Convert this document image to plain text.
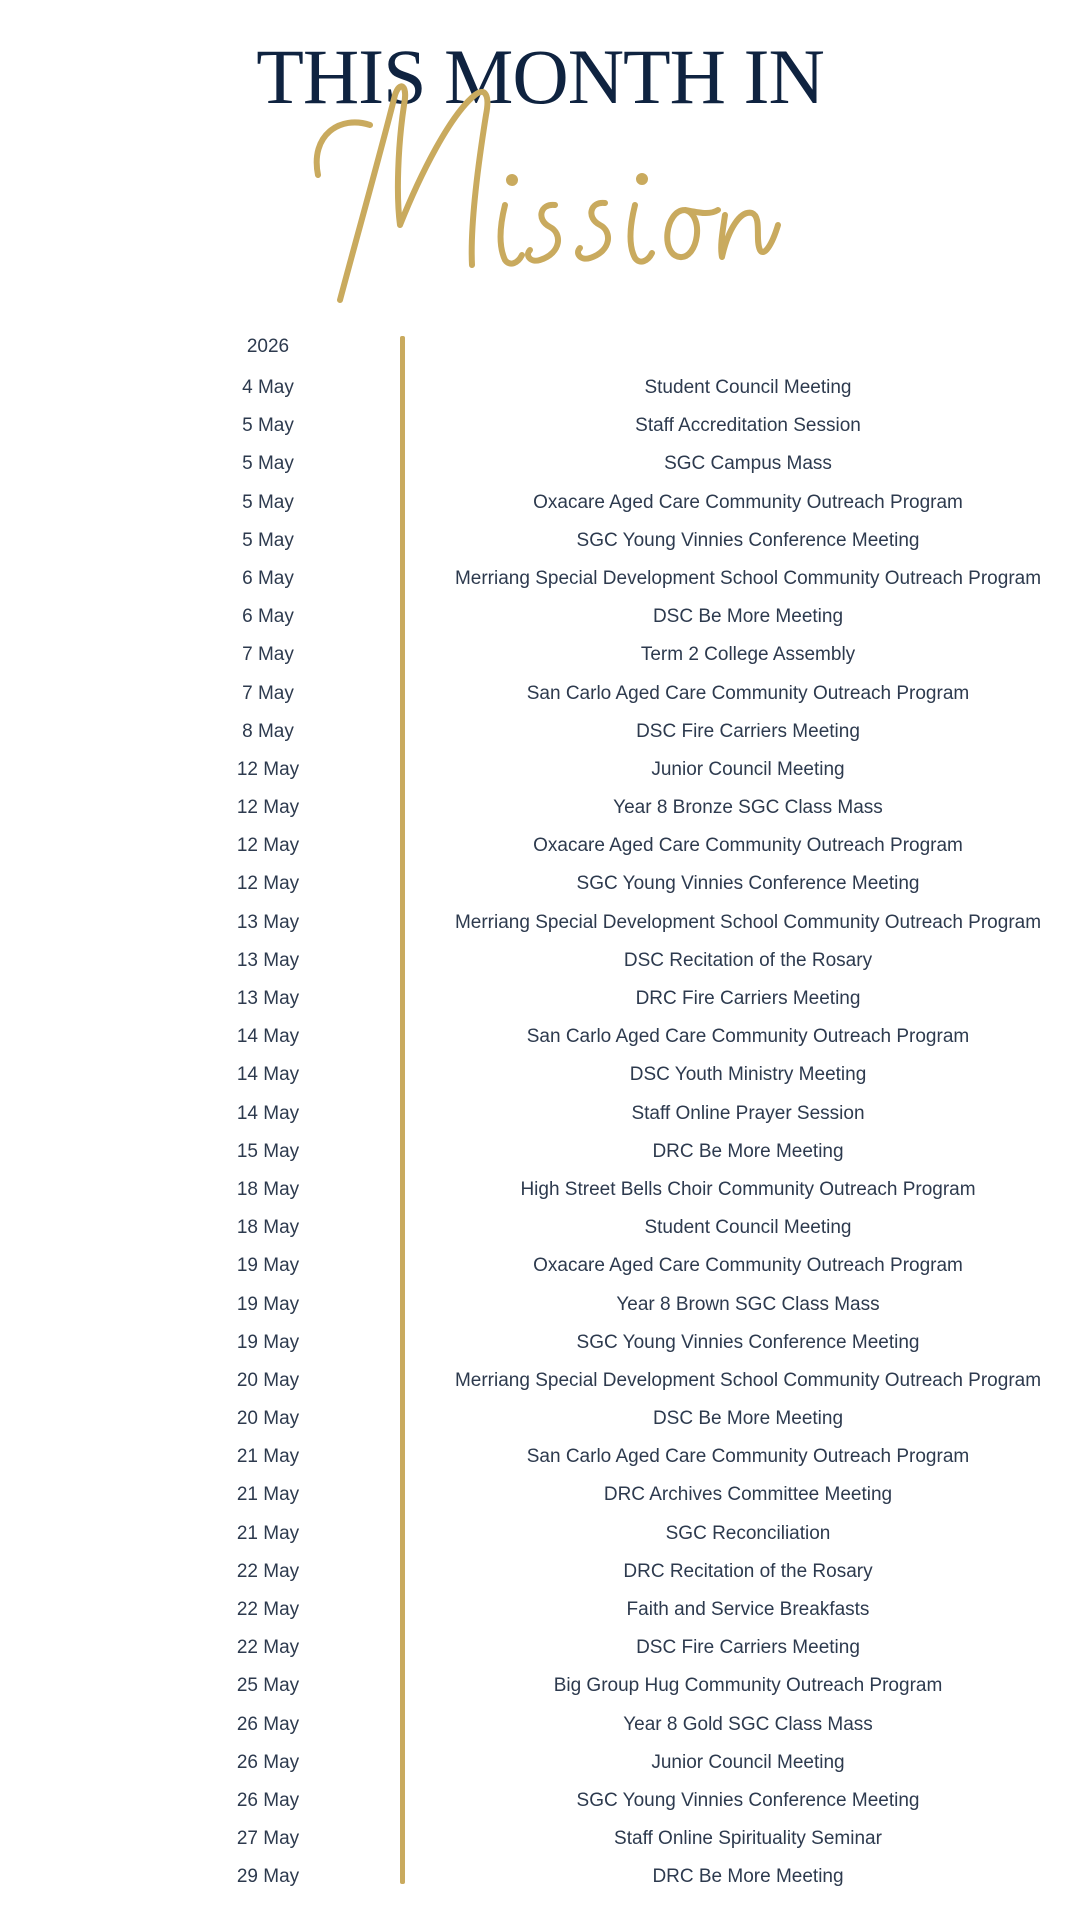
THIS MONTH IN
2026
4 May	Student Council Meeting
5 May	Staff Accreditation Session
5 May	SGC Campus Mass
5 May	Oxacare Aged Care Community Outreach Program
5 May	SGC Young Vinnies Conference Meeting
6 May	Merriang Special Development School Community Outreach Program
6 May	DSC Be More Meeting
7 May	Term 2 College Assembly
7 May	San Carlo Aged Care Community Outreach Program
8 May	DSC Fire Carriers Meeting
12 May	Junior Council Meeting
12 May	Year 8 Bronze SGC Class Mass
12 May	Oxacare Aged Care Community Outreach Program
12 May	SGC Young Vinnies Conference Meeting
13 May	Merriang Special Development School Community Outreach Program
13 May	DSC Recitation of the Rosary
13 May	DRC Fire Carriers Meeting
14 May	San Carlo Aged Care Community Outreach Program
14 May	DSC Youth Ministry Meeting
14 May	Staff Online Prayer Session
15 May	DRC Be More Meeting
18 May	High Street Bells Choir Community Outreach Program
18 May	Student Council Meeting
19 May	Oxacare Aged Care Community Outreach Program
19 May	Year 8 Brown SGC Class Mass
19 May	SGC Young Vinnies Conference Meeting
20 May	Merriang Special Development School Community Outreach Program
20 May	DSC Be More Meeting
21 May	San Carlo Aged Care Community Outreach Program
21 May	DRC Archives Committee Meeting
21 May	SGC Reconciliation
22 May	DRC Recitation of the Rosary
22 May	Faith and Service Breakfasts
22 May	DSC Fire Carriers Meeting
25 May	Big Group Hug Community Outreach Program
26 May	Year 8 Gold SGC Class Mass
26 May	Junior Council Meeting
26 May	SGC Young Vinnies Conference Meeting
27 May	Staff Online Spirituality Seminar
29 May	DRC Be More Meeting
